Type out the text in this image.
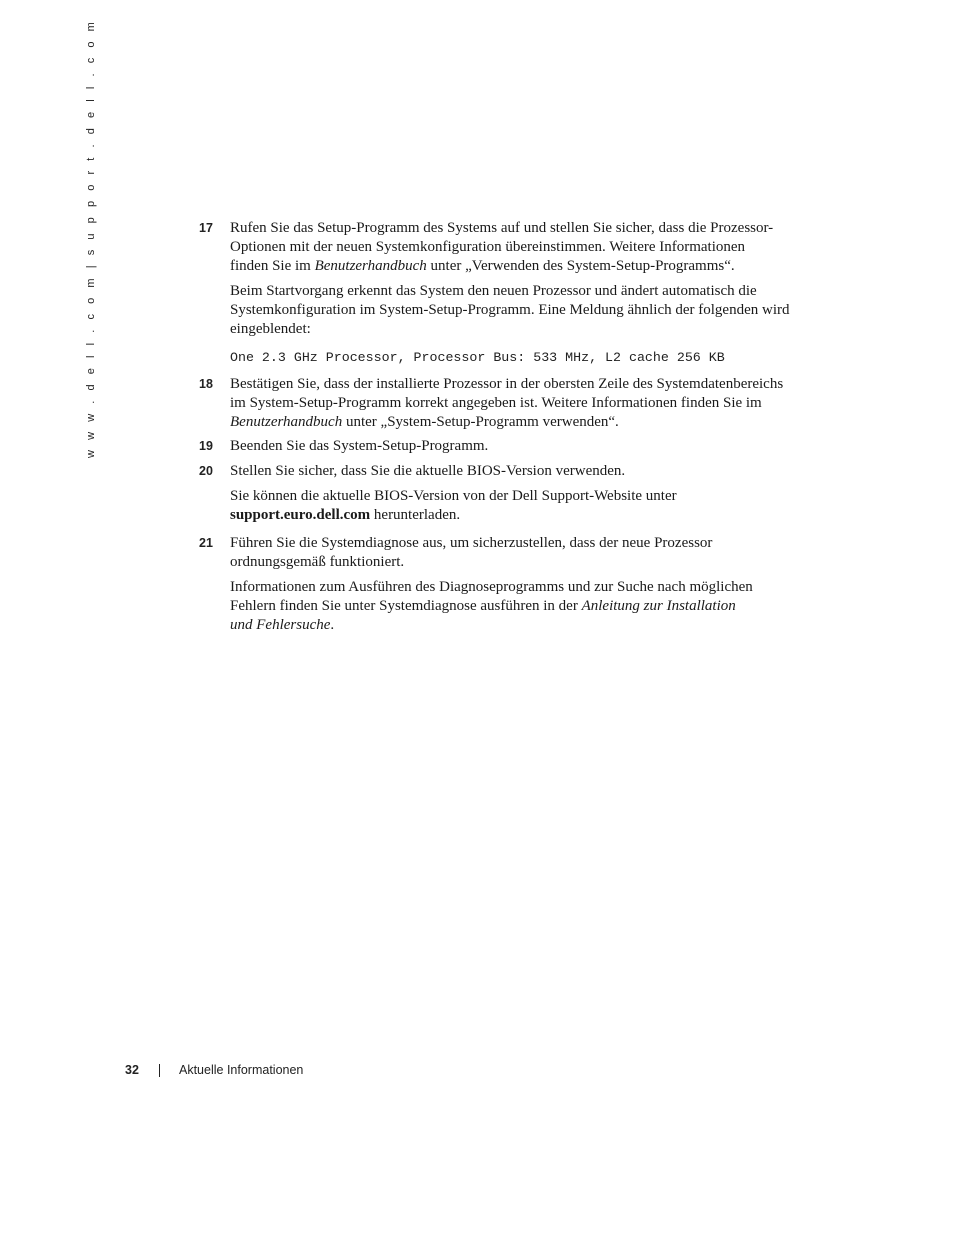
w w w . d e l l . c o m | s u p p o r t . d e l l . c o m	17 Rufen Sie das Setup-Programm des Systems auf und stellen Sie sicher, dass die Prozessor-
Optionen mit der neuen Systemkonfiguration übereinstimmen. Weitere Informationen
finden Sie im Benutzerhandbuch unter „Verwenden des System-Setup-Programms“.
Beim Startvorgang erkennt das System den neuen Prozessor und ändert automatisch die
Systemkonfiguration im System-Setup-Programm. Eine Meldung ähnlich der folgenden wird
eingeblendet:
One 2.3 GHz Processor, Processor Bus: 533 MHz, L2 cache 256 KB
18 Bestätigen Sie, dass der installierte Prozessor in der obersten Zeile des Systemdatenbereichs
im System-Setup-Programm korrekt angegeben ist. Weitere Informationen finden Sie im
Benutzerhandbuch unter „System-Setup-Programm verwenden“.
19 Beenden Sie das System-Setup-Programm.
20 Stellen Sie sicher, dass Sie die aktuelle BIOS-Version verwenden.
Sie können die aktuelle BIOS-Version von der Dell Support-Website unter
support.euro.dell.com herunterladen.
21 Führen Sie die Systemdiagnose aus, um sicherzustellen, dass der neue Prozessor
ordnungsgemäß funktioniert.
Informationen zum Ausführen des Diagnoseprogramms und zur Suche nach möglichen
Fehlern finden Sie unter Systemdiagnose ausführen in der Anleitung zur Installation
und Fehlersuche.
32	Aktuelle Informationen
